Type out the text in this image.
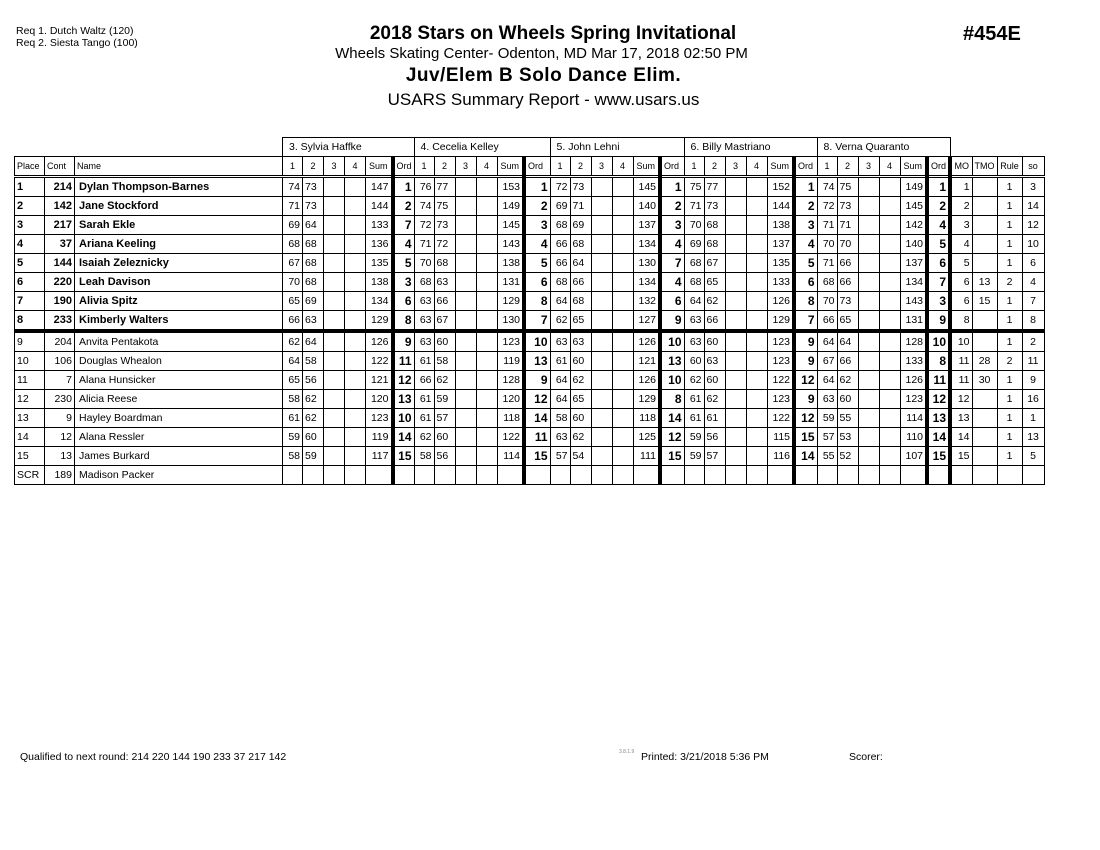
Req 1. Dutch Waltz (120)
Req 2. Siesta Tango (100)	2018 Stars on Wheels Spring Invitational
Wheels Skating Center- Odenton, MD Mar 17, 2018 02:50 PM
Juv/Elem B Solo Dance Elim.
USARS Summary Report - www.usars.us
#454E
			3. Sylvia Haffke						4. Cecelia Kelley						5. John Lehni						6. Billy Mastriano						8. Verna Quaranto									
Place	Cont	Name	1	2	3	4	Sum	Ord	1	2	3	4	Sum	Ord	1	2	3	4	Sum	Ord	1	2	3	4	Sum	Ord	1	2	3	4	Sum	Ord	MO	TMO	Rule	so
1	214	Dylan Thompson-Barnes	74	73			147	1	76	77			153	1	72	73			145	1	75	77			152	1	74	75			149	1	1		1	3
2	142	Jane Stockford	71	73			144	2	74	75			149	2	69	71			140	2	71	73			144	2	72	73			145	2	2		1	14
3	217	Sarah Ekle	69	64			133	7	72	73			145	3	68	69			137	3	70	68			138	3	71	71			142	4	3		1	12
4	37	Ariana Keeling	68	68			136	4	71	72			143	4	66	68			134	4	69	68			137	4	70	70			140	5	4		1	10
5	144	Isaiah Zeleznicky	67	68			135	5	70	68			138	5	66	64			130	7	68	67			135	5	71	66			137	6	5		1	6
6	220	Leah Davison	70	68			138	3	68	63			131	6	68	66			134	4	68	65			133	6	68	66			134	7	6	13	2	4
7	190	Alivia Spitz	65	69			134	6	63	66			129	8	64	68			132	6	64	62			126	8	70	73			143	3	6	15	1	7
8	233	Kimberly Walters	66	63			129	8	63	67			130	7	62	65			127	9	63	66			129	7	66	65			131	9	8		1	8
9	204	Anvita Pentakota	62	64			126	9	63	60			123	10	63	63			126	10	63	60			123	9	64	64			128	10	10		1	2
10	106	Douglas Whealon	64	58			122	11	61	58			119	13	61	60			121	13	60	63			123	9	67	66			133	8	11	28	2	11
11	7	Alana Hunsicker	65	56			121	12	66	62			128	9	64	62			126	10	62	60			122	12	64	62			126	11	11	30	1	9
12	230	Alicia Reese	58	62			120	13	61	59			120	12	64	65			129	8	61	62			123	9	63	60			123	12	12		1	16
13	9	Hayley Boardman	61	62			123	10	61	57			118	14	58	60			118	14	61	61			122	12	59	55			114	13	13		1	1
14	12	Alana Ressler	59	60			119	14	62	60			122	11	63	62			125	12	59	56			115	15	57	53			110	14	14		1	13
15	13	James Burkard	58	59			117	15	58	56			114	15	57	54			111	15	59	57			116	14	55	52			107	15	15		1	5
SCR	189	Madison Packer																																		
Qualified to next round: 214 220 144 190 233 37 217 142	3.8.1.9 Printed: 3/21/2018 5:36 PM	Scorer:
